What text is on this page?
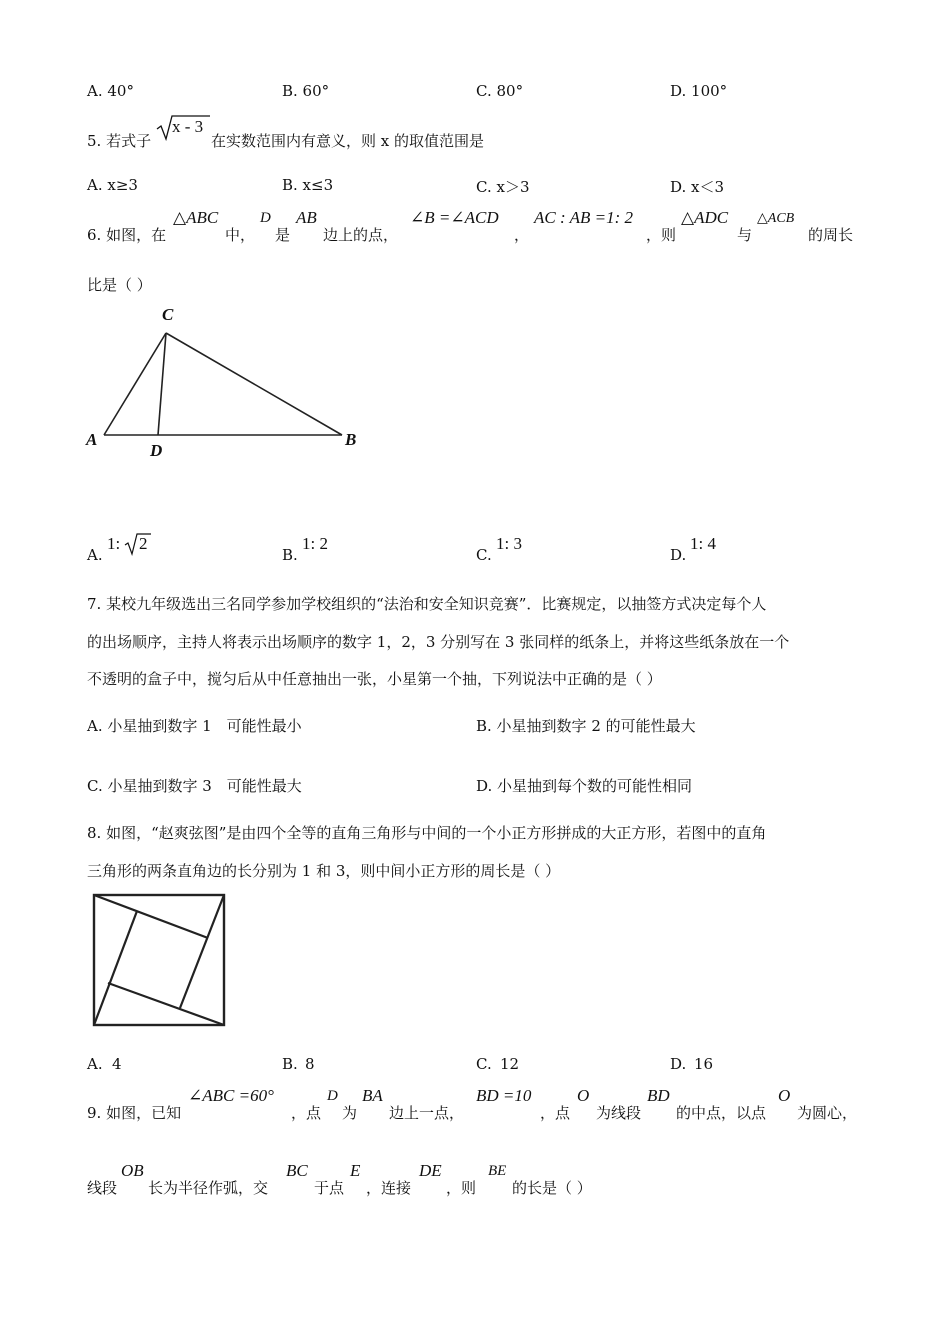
A. 40°	B. 60°	C. 80°	D. 100°
5. 若式子
x - 3
在实数范围内有意义，则 x 的取值范围是
A. x≥3	B. x≤3	C. x＞3	D. x＜3
6. 如图，在
△ABC
中，
D
是
AB
边上的点，
∠B =∠ACD
，
AC : AB =1: 2
，则
△ADC
与
△ACB
的周长
比是（ ）
C
A
D
B
A.
1: 2
B.
1: 2
C.
1: 3
D.
1: 4
7. 某校九年级选出三名同学参加学校组织的“法治和安全知识竞赛”．比赛规定，以抽签方式决定每个人
的出场顺序，主持人将表示出场顺序的数字 1，2，3 分别写在 3 张同样的纸条上，并将这些纸条放在一个
不透明的盒子中，搅匀后从中任意抽出一张，小星第一个抽，下列说法中正确的是（ ）
A. 小星抽到数字 1　可能性最小	B. 小星抽到数字 2 的可能性最大
C. 小星抽到数字 3　可能性最大	D. 小星抽到每个数的可能性相同
8. 如图，“赵爽弦图”是由四个全等的直角三角形与中间的一个小正方形拼成的大正方形，若图中的直角
三角形的两条直角边的长分别为 1 和 3，则中间小正方形的周长是（ ）
A. 4	B. 8	C. 12	D. 16
9. 如图，已知
∠ABC =60°
，点
D
为
BA
边上一点，
BD =10
，点
O
为线段
BD
的中点，以点
O
为圆心，
线段
OB
长为半径作弧，交
BC
于点
E
，连接
DE
，则
BE
的长是（ ）
